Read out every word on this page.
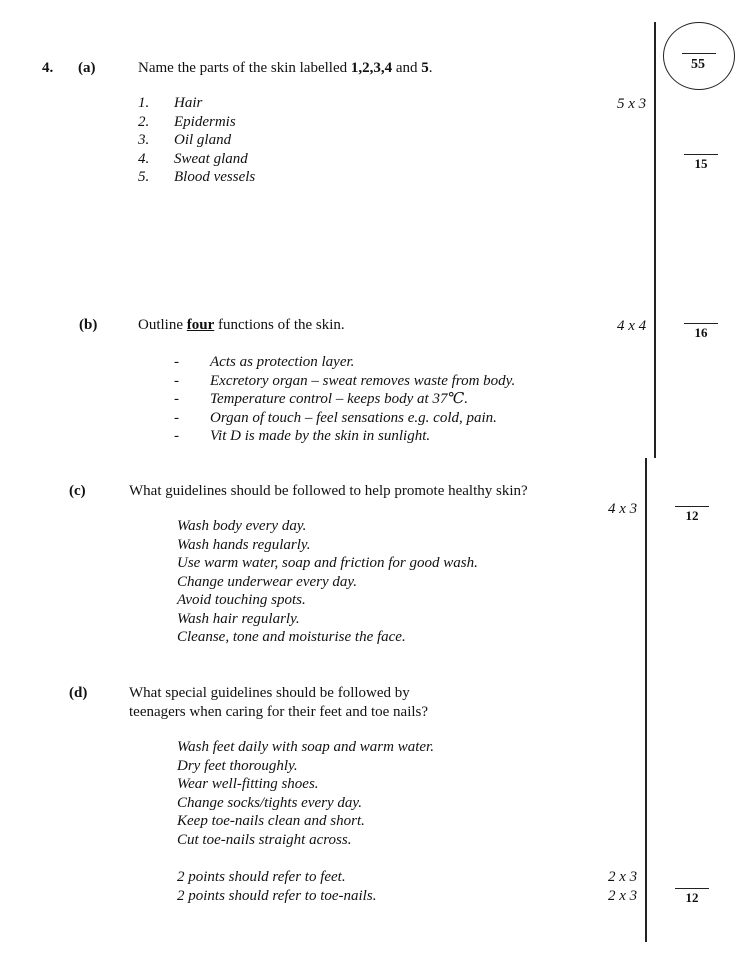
55
4. (a)	Name the parts of the skin labelled 1,2,3,4 and 5.
1. Hair
2. Epidermis
3. Oil gland
4. Sweat gland
5. Blood vessels
5 x 3
15
(b)	Outline four functions of the skin.
- Acts as protection layer.
- Excretory organ – sweat removes waste from body.
- Temperature control – keeps body at 37℃.
- Organ of touch – feel sensations e.g. cold, pain.
- Vit D is made by the skin in sunlight.
4 x 4	16
(c)	What guidelines should be followed to help promote healthy skin?
Wash body every day.
Wash hands regularly.
Use warm water, soap and friction for good wash.
Change underwear every day.
Avoid touching spots.
Wash hair regularly.
Cleanse, tone and moisturise the face.
4 x 3	12
(d)	What special guidelines should be followed by
teenagers when caring for their feet and toe nails?
Wash feet daily with soap and warm water.
Dry feet thoroughly.
Wear well-fitting shoes.
Change socks/tights every day.
Keep toe-nails clean and short.
Cut toe-nails straight across.
2 points should refer to feet.
2 points should refer to toe-nails.
2 x 3
2 x 3	12
